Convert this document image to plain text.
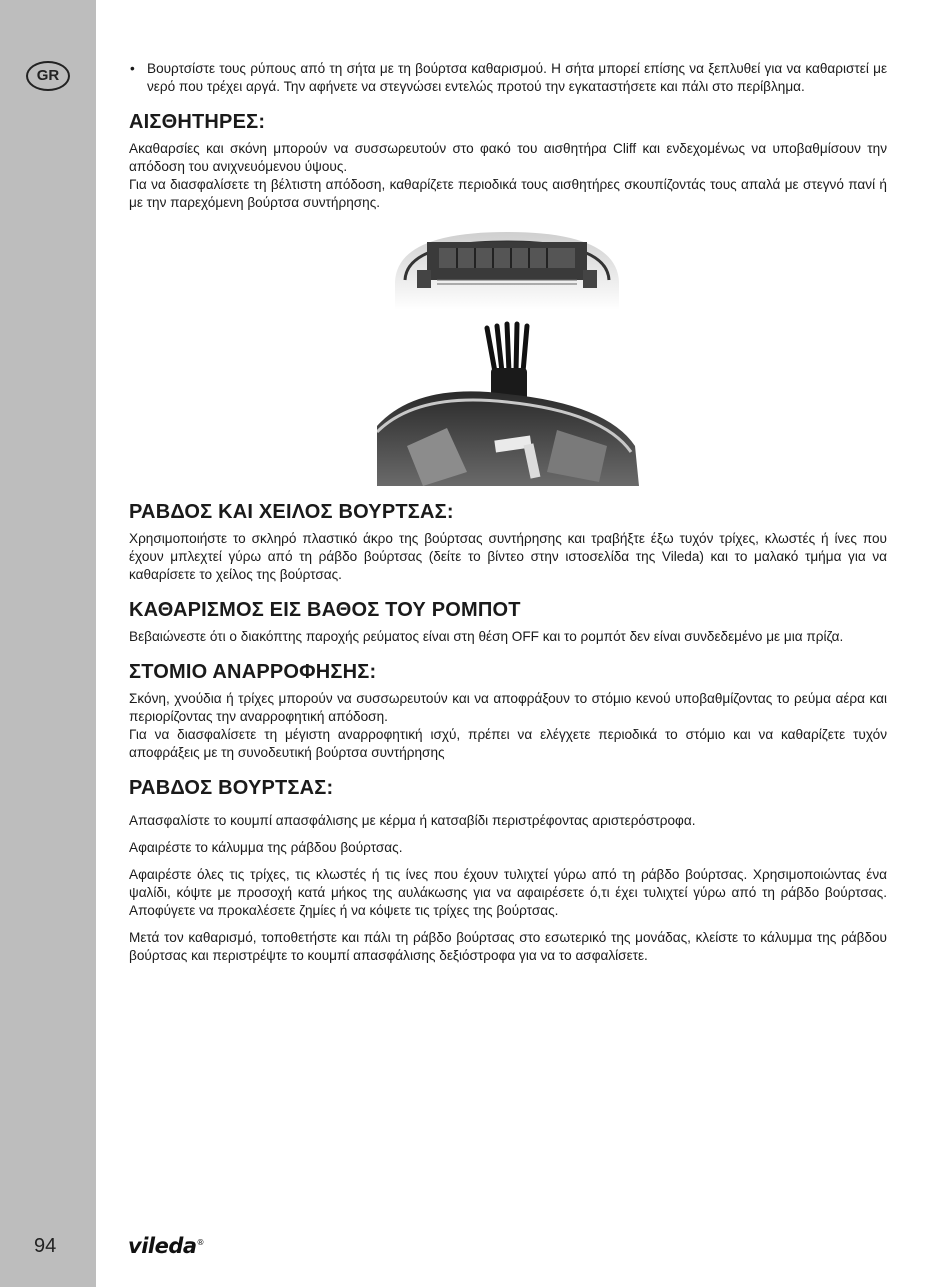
GR
94

• Βουρτσίστε τους ρύπους από τη σήτα με τη βούρτσα καθαρισμού. Η σήτα μπορεί επίσης να ξεπλυθεί για να καθαριστεί με νερό που τρέχει αργά. Την αφήνετε να στεγνώσει εντελώς προτού την εγκαταστήσετε και πάλι στο περίβλημα.

ΑΙΣΘΗΤΗΡΕΣ:

Ακαθαρσίες και σκόνη μπορούν να συσσωρευτούν στο φακό του αισθητήρα Cliff και ενδεχομένως να υποβαθμίσουν την απόδοση του ανιχνευόμενου ύψους.

Για να διασφαλίσετε τη βέλτιστη απόδοση, καθαρίζετε περιοδικά τους αισθητήρες σκουπίζοντάς τους απαλά με στεγνό πανί ή με την παρεχόμενη βούρτσα συντήρησης.

ΡΑΒΔΟΣ ΚΑΙ ΧΕΙΛΟΣ ΒΟΥΡΤΣΑΣ:

Χρησιμοποιήστε το σκληρό πλαστικό άκρο της βούρτσας συντήρησης και τραβήξτε έξω τυχόν τρίχες, κλωστές ή ίνες που έχουν μπλεχτεί γύρω από τη ράβδο βούρτσας (δείτε το βίντεο στην ιστοσελίδα της Vileda) και το μαλακό τμήμα για να καθαρίσετε το χείλος της βούρτσας.

ΚΑΘΑΡΙΣΜΟΣ ΕΙΣ ΒΑΘΟΣ ΤΟΥ ΡΟΜΠΟΤ

Βεβαιώνεστε ότι ο διακόπτης παροχής ρεύματος είναι στη θέση OFF και το ρομπότ δεν είναι συνδεδεμένο με μια πρίζα.

ΣΤΟΜΙΟ ΑΝΑΡΡΟΦΗΣΗΣ:

Σκόνη, χνούδια ή τρίχες μπορούν να συσσωρευτούν και να αποφράξουν το στόμιο κενού υποβαθμίζοντας το ρεύμα αέρα και περιορίζοντας την αναρροφητική απόδοση.

Για να διασφαλίσετε τη μέγιστη αναρροφητική ισχύ, πρέπει να ελέγχετε περιοδικά το στόμιο και να καθαρίζετε τυχόν αποφράξεις με τη συνοδευτική βούρτσα συντήρησης

ΡΑΒΔΟΣ ΒΟΥΡΤΣΑΣ:

Απασφαλίστε το κουμπί απασφάλισης με κέρμα ή κατσαβίδι περιστρέφοντας αριστερόστροφα.

Αφαιρέστε το κάλυμμα της ράβδου βούρτσας.

Αφαιρέστε όλες τις τρίχες, τις κλωστές ή τις ίνες που έχουν τυλιχτεί γύρω από τη ράβδο βούρτσας. Χρησιμοποιώντας ένα ψαλίδι, κόψτε με προσοχή κατά μήκος της αυλάκωσης για να αφαιρέσετε ό,τι έχει τυλιχτεί γύρω από τη ράβδο βούρτσας. Αποφύγετε να προκαλέσετε ζημίες ή να κόψετε τις τρίχες της βούρτσας.

Μετά τον καθαρισμό, τοποθετήστε και πάλι τη ράβδο βούρτσας στο εσωτερικό της μονάδας, κλείστε το κάλυμμα της ράβδου βούρτσας και περιστρέψτε το κουμπί απασφάλισης δεξιόστροφα για να το ασφαλίσετε.

vileda®
